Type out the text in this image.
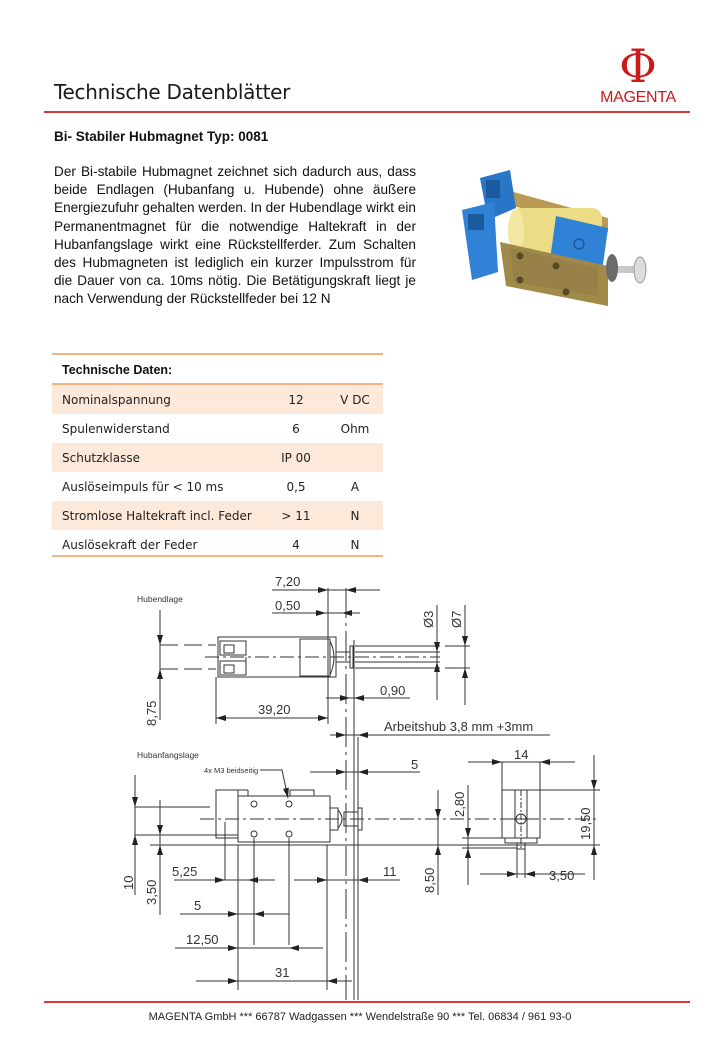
Technische Datenblätter	Φ
MAGENTA
Bi- Stabiler Hubmagnet Typ: 0081
Der Bi-stabile Hubmagnet zeichnet sich dadurch aus, dass beide Endlagen (Hubanfang u. Hubende) ohne äußere Energiezufuhr gehalten werden. In der Hubendlage wirkt ein Permanentmagnet für die notwendige Haltekraft in der Hubanfangslage wirkt eine Rückstellferder. Zum Schalten des Hubmagneten ist lediglich ein kurzer Impulsstrom für die Dauer von ca. 10ms nötig. Die Betätigungskraft liegt je nach Verwendung der Rückstellfeder bei 12 N
Technische Daten:
Nominalspannung	12	V DC
Spulenwiderstand	6	Ohm
Schutzklasse	IP 00
Auslöseimpuls für < 10 ms	0,5	A
Stromlose Haltekraft incl. Feder	> 11	N
Auslösekraft der Feder	4	N
Hubendlage
Hubanfangslage
4x M3 beidseitig
7,20
0,50
0,90
39,20
Arbeitshub 3,8 mm +3mm
5
5,25	11
5
12,50
31
14
3,50
Ø3 Ø7
8,75
10 3,50	8,50
2,80
19,50
MAGENTA GmbH *** 66787 Wadgassen *** Wendelstraße 90 *** Tel. 06834 / 961 93-0
